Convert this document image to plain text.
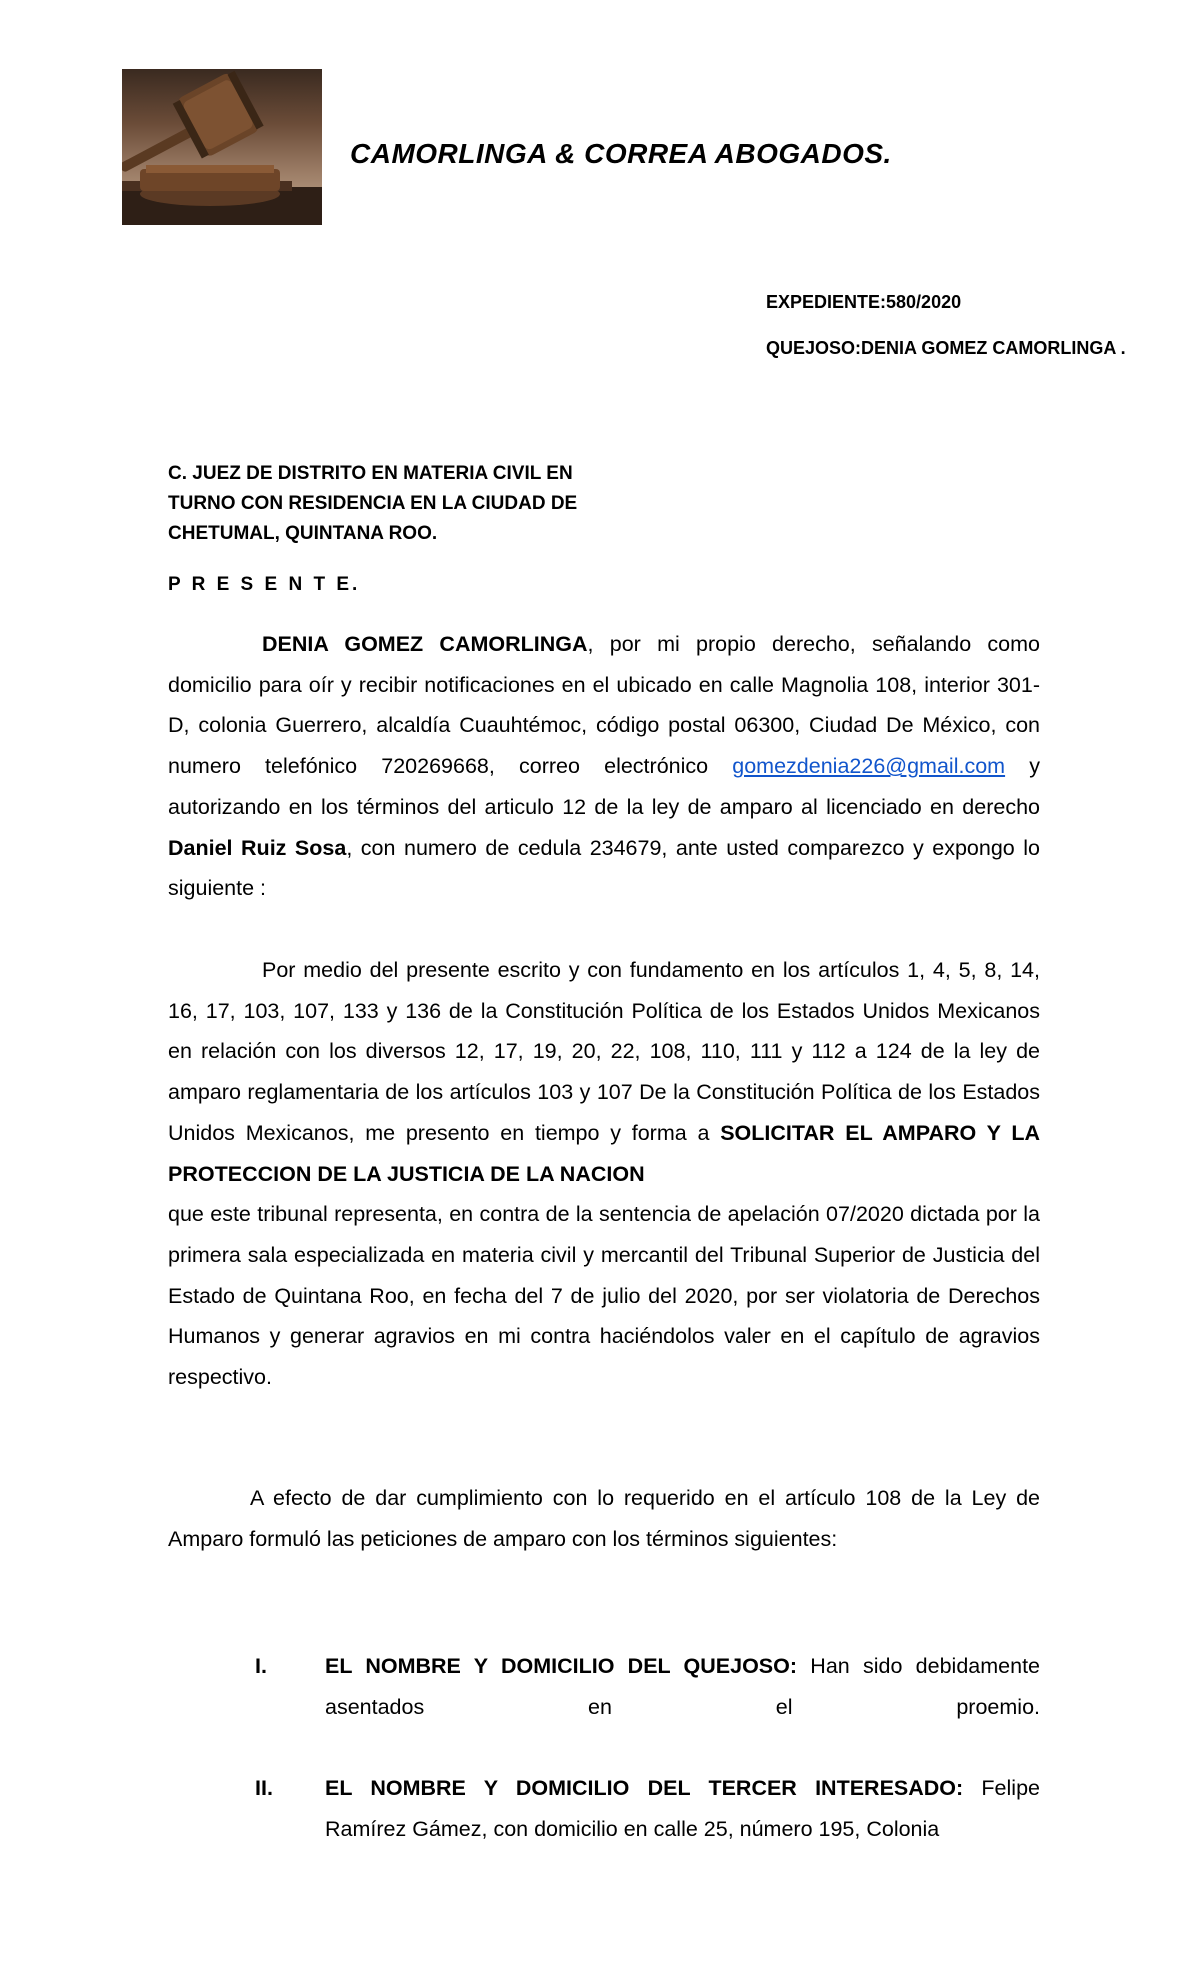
CAMORLINGA & CORREA ABOGADOS.
EXPEDIENTE:580/2020
QUEJOSO:DENIA GOMEZ CAMORLINGA .
C. JUEZ DE DISTRITO EN MATERIA CIVIL EN
TURNO CON RESIDENCIA EN LA CIUDAD DE
CHETUMAL, QUINTANA ROO.
P R E S E N T E.
DENIA GOMEZ CAMORLINGA, por mi propio derecho, señalando como domicilio para oír y recibir notificaciones en el ubicado en calle Magnolia 108, interior 301-D, colonia Guerrero, alcaldía Cuauhtémoc, código postal 06300, Ciudad De México, con numero telefónico 720269668, correo electrónico gomezdenia226@gmail.com y autorizando en los términos del articulo 12 de la ley de amparo al licenciado en derecho Daniel Ruiz Sosa, con numero de cedula 234679, ante usted comparezco y expongo lo siguiente :
Por medio del presente escrito y con fundamento en los artículos 1, 4, 5, 8, 14, 16, 17, 103, 107, 133 y 136 de la Constitución Política de los Estados Unidos Mexicanos en relación con los diversos 12, 17, 19, 20, 22, 108, 110, 111 y 112 a 124 de la ley de amparo reglamentaria de los artículos 103 y 107 De la Constitución Política de los Estados Unidos Mexicanos, me presento en tiempo y forma a SOLICITAR EL AMPARO Y LA PROTECCION DE LA JUSTICIA DE LA NACION
que este tribunal representa, en contra de la sentencia de apelación 07/2020 dictada por la primera sala especializada en materia civil y mercantil del Tribunal Superior de Justicia del Estado de Quintana Roo, en fecha del 7 de julio del 2020, por ser violatoria de Derechos Humanos y generar agravios en mi contra haciéndolos valer en el capítulo de agravios respectivo.
A efecto de dar cumplimiento con lo requerido en el artículo 108 de la Ley de Amparo formuló las peticiones de amparo con los términos siguientes:
I.	EL NOMBRE Y DOMICILIO DEL QUEJOSO: Han sido debidamente asentados en el proemio.
II. EL NOMBRE Y DOMICILIO DEL TERCER INTERESADO: Felipe Ramírez Gámez, con domicilio en calle 25, número 195, Colonia
